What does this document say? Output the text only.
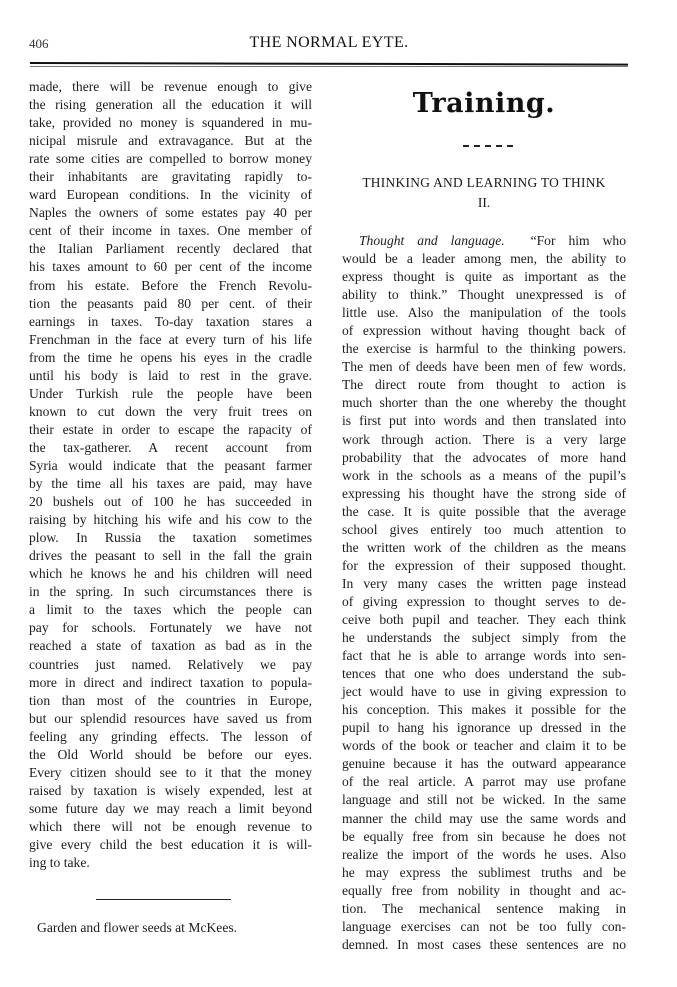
406	THE NORMAL EYTE.
made, there will be revenue enough to give
the rising generation all the education it will
take, provided no money is squandered in mu-
nicipal misrule and extravagance. But at the
rate some cities are compelled to borrow money
their inhabitants are gravitating rapidly to-
ward European conditions. In the vicinity of
Naples the owners of some estates pay 40 per
cent of their income in taxes. One member of
the Italian Parliament recently declared that
his taxes amount to 60 per cent of the income
from his estate. Before the French Revolu-
tion the peasants paid 80 per cent. of their
earnings in taxes. To-day taxation stares a
Frenchman in the face at every turn of his life
from the time he opens his eyes in the cradle
until his body is laid to rest in the grave.
Under Turkish rule the people have been
known to cut down the very fruit trees on
their estate in order to escape the rapacity of
the tax-gatherer. A recent account from
Syria would indicate that the peasant farmer
by the time all his taxes are paid, may have
20 bushels out of 100 he has succeeded in
raising by hitching his wife and his cow to the
plow. In Russia the taxation sometimes
drives the peasant to sell in the fall the grain
which he knows he and his children will need
in the spring. In such circumstances there is
a limit to the taxes which the people can
pay for schools. Fortunately we have not
reached a state of taxation as bad as in the
countries just named. Relatively we pay
more in direct and indirect taxation to popula-
tion than most of the countries in Europe,
but our splendid resources have saved us from
feeling any grinding effects. The lesson of
the Old World should be before our eyes.
Every citizen should see to it that the money
raised by taxation is wisely expended, lest at
some future day we may reach a limit beyond
which there will not be enough revenue to
give every child the best education it is will-
ing to take.
Garden and flower seeds at McKees.
Training.
THINKING AND LEARNING TO THINK
II.
Thought and language. “For him who
would be a leader among men, the ability to
express thought is quite as important as the
ability to think.” Thought unexpressed is of
little use. Also the manipulation of the tools
of expression without having thought back of
the exercise is harmful to the thinking powers.
The men of deeds have been men of few words.
The direct route from thought to action is
much shorter than the one whereby the thought
is first put into words and then translated into
work through action. There is a very large
probability that the advocates of more hand
work in the schools as a means of the pupil’s
expressing his thought have the strong side of
the case. It is quite possible that the average
school gives entirely too much attention to
the written work of the children as the means
for the expression of their supposed thought.
In very many cases the written page instead
of giving expression to thought serves to de-
ceive both pupil and teacher. They each think
he understands the subject simply from the
fact that he is able to arrange words into sen-
tences that one who does understand the sub-
ject would have to use in giving expression to
his conception. This makes it possible for the
pupil to hang his ignorance up dressed in the
words of the book or teacher and claim it to be
genuine because it has the outward appearance
of the real article. A parrot may use profane
language and still not be wicked. In the same
manner the child may use the same words and
be equally free from sin because he does not
realize the import of the words he uses. Also
he may express the sublimest truths and be
equally free from nobility in thought and ac-
tion. The mechanical sentence making in
language exercises can not be too fully con-
demned. In most cases these sentences are no
